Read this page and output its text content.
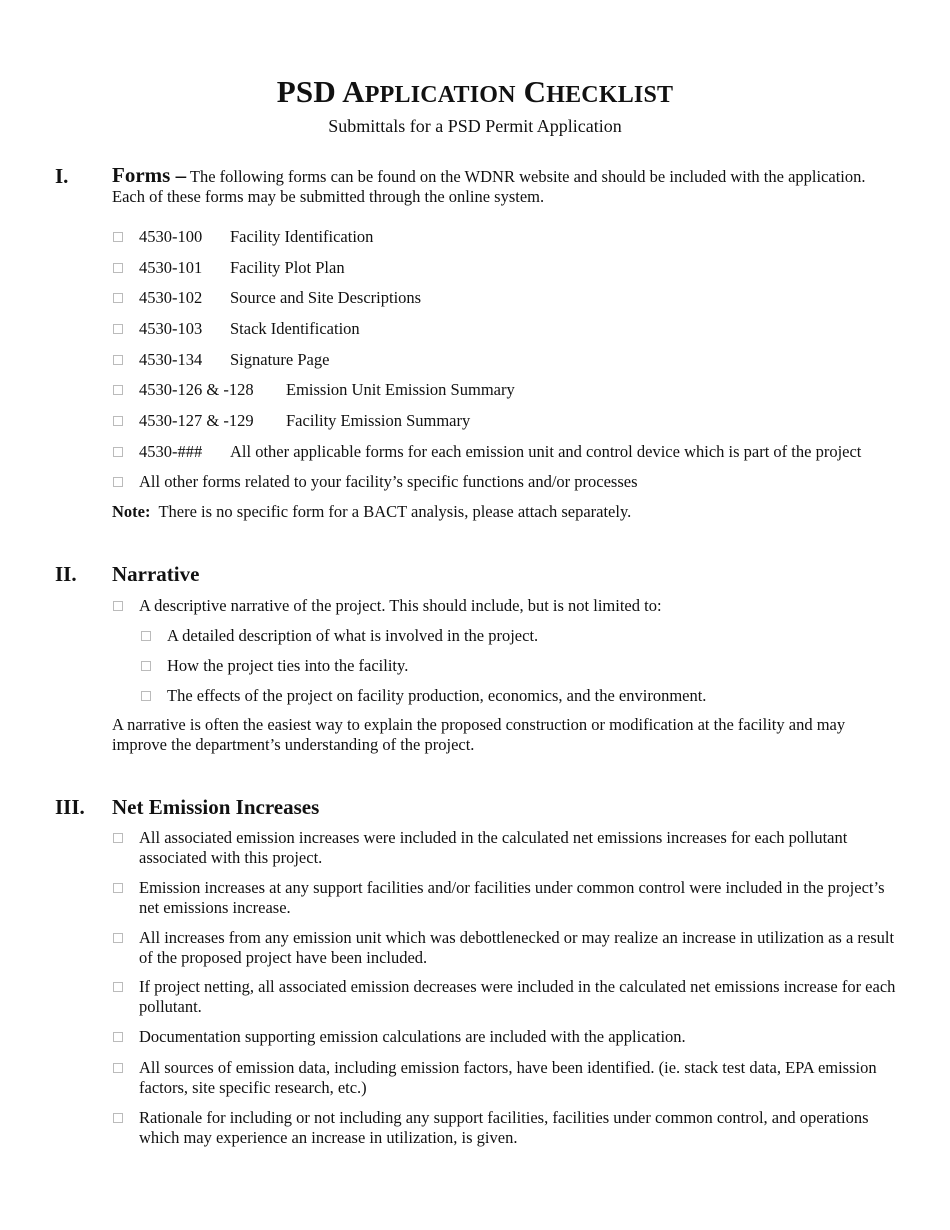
PSD APPLICATION CHECKLIST
Submittals for a PSD Permit Application
I. Forms – The following forms can be found on the WDNR website and should be included with the application. Each of these forms may be submitted through the online system.
4530-100 Facility Identification
4530-101 Facility Plot Plan
4530-102 Source and Site Descriptions
4530-103 Stack Identification
4530-134 Signature Page
4530-126 & -128 Emission Unit Emission Summary
4530-127 & -129 Facility Emission Summary
4530-### All other applicable forms for each emission unit and control device which is part of the project
All other forms related to your facility’s specific functions and/or processes
Note: There is no specific form for a BACT analysis, please attach separately.
II. Narrative
A descriptive narrative of the project. This should include, but is not limited to:
A detailed description of what is involved in the project.
How the project ties into the facility.
The effects of the project on facility production, economics, and the environment.
A narrative is often the easiest way to explain the proposed construction or modification at the facility and may improve the department’s understanding of the project.
III. Net Emission Increases
All associated emission increases were included in the calculated net emissions increases for each pollutant associated with this project.
Emission increases at any support facilities and/or facilities under common control were included in the project’s net emissions increase.
All increases from any emission unit which was debottlenecked or may realize an increase in utilization as a result of the proposed project have been included.
If project netting, all associated emission decreases were included in the calculated net emissions increase for each pollutant.
Documentation supporting emission calculations are included with the application.
All sources of emission data, including emission factors, have been identified. (ie. stack test data, EPA emission factors, site specific research, etc.)
Rationale for including or not including any support facilities, facilities under common control, and operations which may experience an increase in utilization, is given.
